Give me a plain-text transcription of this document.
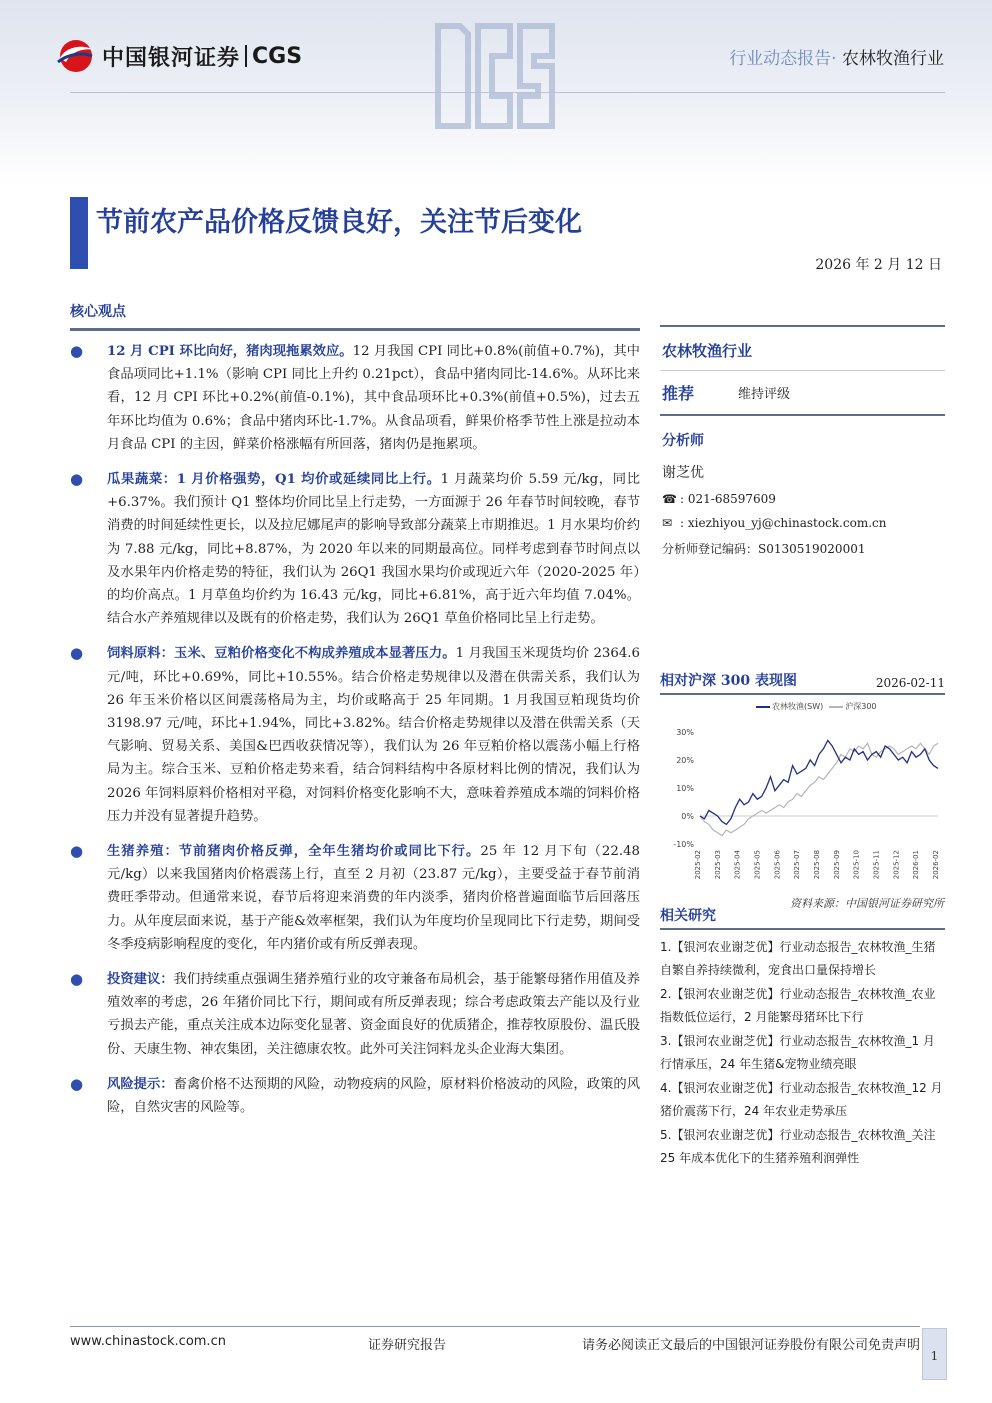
中国银河证券 CGS	行业动态报告· 农林牧渔行业
节前农产品价格反馈良好，关注节后变化
2026 年 2 月 12 日
核心观点
● 12 月 CPI 环比向好，猪肉现拖累效应。12 月我国 CPI 同比+0.8%(前值+0.7%)，其中食品项同比+1.1%（影响 CPI 同比上升约 0.21pct），食品中猪肉同比-14.6%。从环比来看，12 月 CPI 环比+0.2%(前值-0.1%)，其中食品项环比+0.3%(前值+0.5%)，过去五年环比均值为 0.6%；食品中猪肉环比-1.7%。从食品项看，鲜果价格季节性上涨是拉动本月食品 CPI 的主因，鲜菜价格涨幅有所回落，猪肉仍是拖累项。
● 瓜果蔬菜：1 月价格强势，Q1 均价或延续同比上行。1 月蔬菜均价 5.59 元/kg，同比+6.37%。我们预计 Q1 整体均价同比呈上行走势，一方面源于 26 年春节时间较晚，春节消费的时间延续性更长，以及拉尼娜尾声的影响导致部分蔬菜上市期推迟。1 月水果均价约为 7.88 元/kg，同比+8.87%，为 2020 年以来的同期最高位。同样考虑到春节时间点以及水果年内价格走势的特征，我们认为 26Q1 我国水果均价或现近六年（2020-2025 年）的均价高点。1 月草鱼均价约为 16.43 元/kg，同比+6.81%，高于近六年均值 7.04%。结合水产养殖规律以及既有的价格走势，我们认为 26Q1 草鱼价格同比呈上行走势。
● 饲料原料：玉米、豆粕价格变化不构成养殖成本显著压力。1 月我国玉米现货均价 2364.6 元/吨，环比+0.69%，同比+10.55%。结合价格走势规律以及潜在供需关系，我们认为 26 年玉米价格以区间震荡格局为主，均价或略高于 25 年同期。1 月我国豆粕现货均价 3198.97 元/吨，环比+1.94%，同比+3.82%。结合价格走势规律以及潜在供需关系（天气影响、贸易关系、美国&巴西收获情况等），我们认为 26 年豆粕价格以震荡小幅上行格局为主。综合玉米、豆粕价格走势来看，结合饲料结构中各原材料比例的情况，我们认为 2026 年饲料原料价格相对平稳，对饲料价格变化影响不大，意味着养殖成本端的饲料价格压力并没有显著提升趋势。
● 生猪养殖：节前猪肉价格反弹，全年生猪均价或同比下行。25 年 12 月下旬（22.48 元/kg）以来我国猪肉价格震荡上行，直至 2 月初（23.87 元/kg），主要受益于春节前消费旺季带动。但通常来说，春节后将迎来消费的年内淡季，猪肉价格普遍面临节后回落压力。从年度层面来说，基于产能&效率框架，我们认为年度均价呈现同比下行走势，期间受冬季疫病影响程度的变化，年内猪价或有所反弹表现。
● 投资建议：我们持续重点强调生猪养殖行业的攻守兼备布局机会，基于能繁母猪作用值及养殖效率的考虑，26 年猪价同比下行，期间或有所反弹表现；综合考虑政策去产能以及行业亏损去产能，重点关注成本边际变化显著、资金面良好的优质猪企，推荐牧原股份、温氏股份、天康生物、神农集团，关注德康农牧。此外可关注饲料龙头企业海大集团。
● 风险提示：畜禽价格不达预期的风险，动物疫病的风险，原材料价格波动的风险，政策的风险，自然灾害的风险等。
农林牧渔行业
推荐	维持评级
分析师
谢芝优
☎ : 021-68597609
✉ : xiezhiyou_yj@chinastock.com.cn
分析师登记编码：S0130519020001
相对沪深 300 表现图	2026-02-11
农林牧渔(SW)	沪深300
30%
20%
10%
0%
-10%
2025-02 2025-03 2025-04 2025-05 2025-06 2025-07 2025-08 2025-09 2025-10 2025-11 2025-12 2026-01 2026-02
资料来源：中国银河证券研究所
相关研究
1.【银河农业谢芝优】行业动态报告_农林牧渔_生猪自繁自养持续微利，宠食出口量保持增长
2.【银河农业谢芝优】行业动态报告_农林牧渔_农业指数低位运行，2 月能繁母猪环比下行
3.【银河农业谢芝优】行业动态报告_农林牧渔_1 月行情承压，24 年生猪&宠物业绩亮眼
4.【银河农业谢芝优】行业动态报告_农林牧渔_12 月猪价震荡下行，24 年农业走势承压
5.【银河农业谢芝优】行业动态报告_农林牧渔_关注 25 年成本优化下的生猪养殖利润弹性
www.chinastock.com.cn	证券研究报告	请务必阅读正文最后的中国银河证券股份有限公司免责声明
1
